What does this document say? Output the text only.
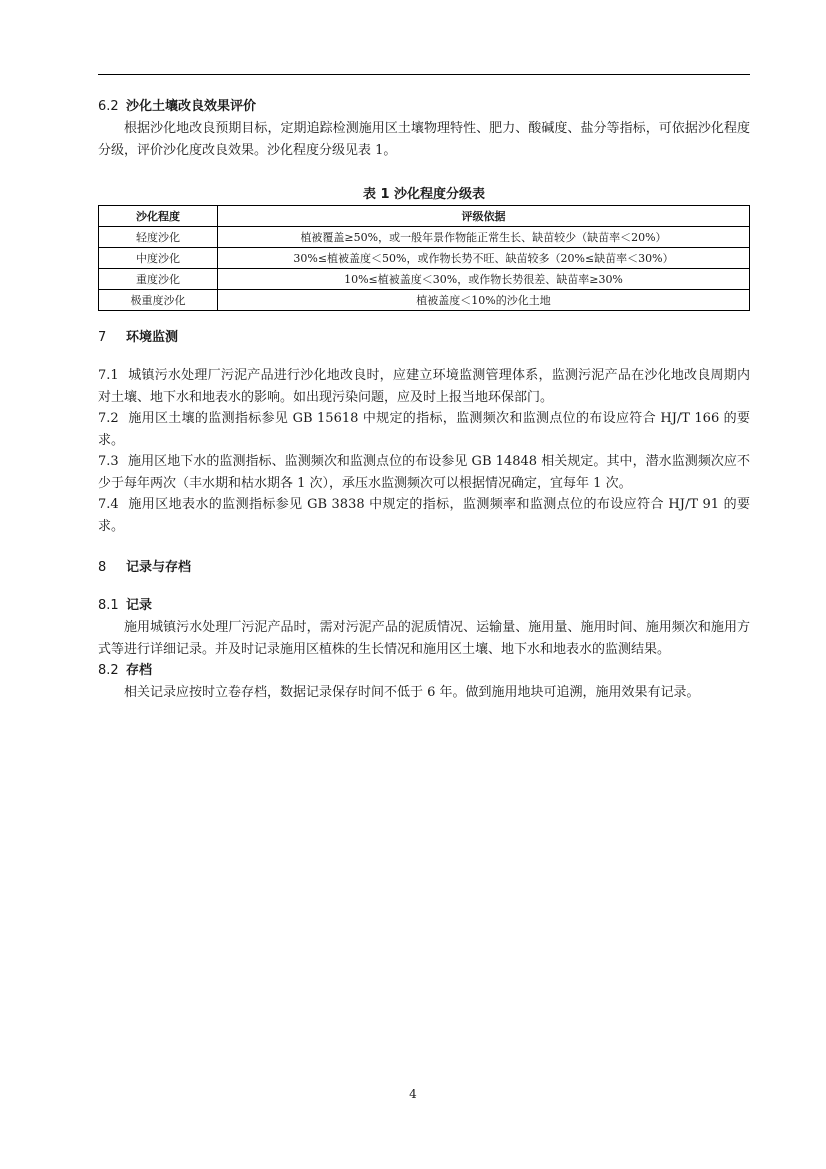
6.2 沙化土壤改良效果评价

根据沙化地改良预期目标，定期追踪检测施用区土壤物理特性、肥力、酸碱度、盐分等指标，可依据沙化程度分级，评价沙化度改良效果。沙化程度分级见表 1。

表 1 沙化程度分级表
沙化程度	评级依据
轻度沙化	植被覆盖≥50%，或一般年景作物能正常生长、缺苗较少（缺苗率＜20%）
中度沙化	30%≤植被盖度＜50%，或作物长势不旺、缺苗较多（20%≤缺苗率＜30%）
重度沙化	10%≤植被盖度＜30%，或作物长势很差、缺苗率≥30%
极重度沙化	植被盖度＜10%的沙化土地
7 环境监测

7.1 城镇污水处理厂污泥产品进行沙化地改良时，应建立环境监测管理体系，监测污泥产品在沙化地改良周期内对土壤、地下水和地表水的影响。如出现污染问题，应及时上报当地环保部门。

7.2 施用区土壤的监测指标参见 GB 15618 中规定的指标，监测频次和监测点位的布设应符合 HJ/T 166 的要求。

7.3 施用区地下水的监测指标、监测频次和监测点位的布设参见 GB 14848 相关规定。其中，潜水监测频次应不少于每年两次（丰水期和枯水期各 1 次），承压水监测频次可以根据情况确定，宜每年 1 次。

7.4 施用区地表水的监测指标参见 GB 3838 中规定的指标，监测频率和监测点位的布设应符合 HJ/T 91 的要求。

8 记录与存档
8.1 记录

施用城镇污水处理厂污泥产品时，需对污泥产品的泥质情况、运输量、施用量、施用时间、施用频次和施用方式等进行详细记录。并及时记录施用区植株的生长情况和施用区土壤、地下水和地表水的监测结果。

8.2 存档

相关记录应按时立卷存档，数据记录保存时间不低于 6 年。做到施用地块可追溯，施用效果有记录。

4
